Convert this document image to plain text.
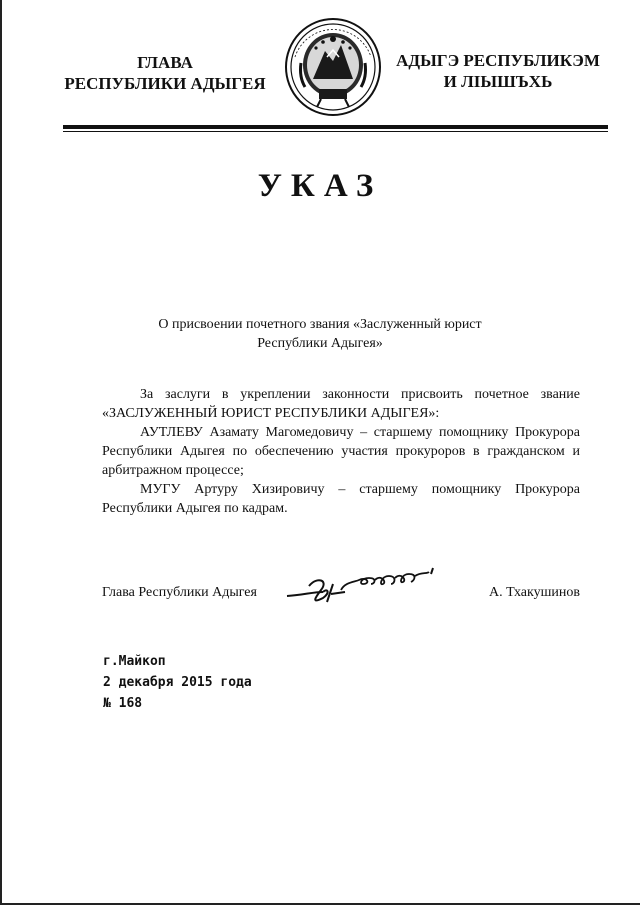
ГЛАВА
РЕСПУБЛИКИ АДЫГЕЯ
АДЫГЭ РЕСПУБЛИКЭМ
И ЛІЫШЪХЬ
УКАЗ
О присвоении почетного звания «Заслуженный юрист
Республики Адыгея»

За заслуги в укреплении законности присвоить почетное звание «ЗАСЛУЖЕННЫЙ ЮРИСТ РЕСПУБЛИКИ АДЫГЕЯ»:

АУТЛЕВУ Азамату Магомедовичу – старшему помощнику Прокурора Республики Адыгея по обеспечению участия прокуроров в гражданском и арбитражном процессе;

МУГУ Артуру Хизировичу – старшему помощнику Прокурора Республики Адыгея по кадрам.

Глава Республики Адыгея	А. Тхакушинов
г.Майкоп
2 декабря 2015 года
№ 168
